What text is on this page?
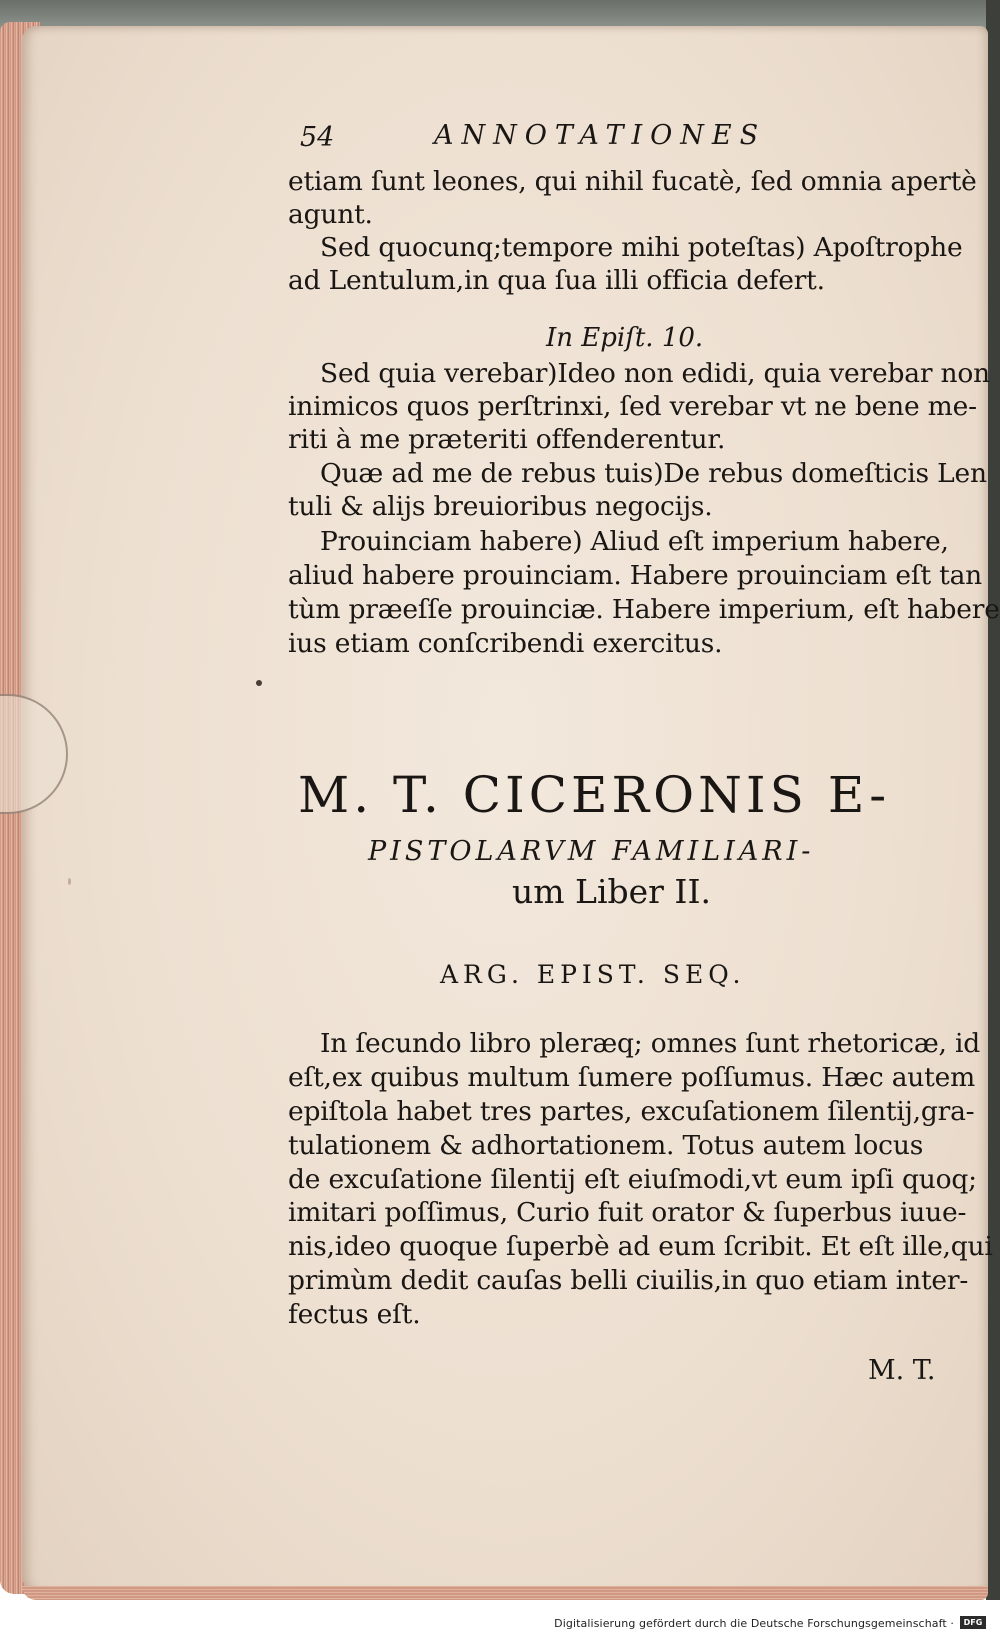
54	ANNOTATIONES
etiam ſunt leones, qui nihil fucatè, ſed omnia apertè
agunt.
Sed quocunq;tempore mihi poteſtas) Apoſtrophe
ad Lentulum,in qua ſua illi officia defert.
In Epiſt. 10.
Sed quia verebar)Ideo non edidi, quia verebar non
inimicos quos perſtrinxi, ſed verebar vt ne bene me-
riti à me præteriti offenderentur.
Quæ ad me de rebus tuis)De rebus domeſticis Len
tuli & alijs breuioribus negocijs.
Prouinciam habere) Aliud eſt imperium habere,
aliud habere prouinciam. Habere prouinciam eſt tan
tùm præeſſe prouinciæ. Habere imperium, eſt habere
ius etiam conſcribendi exercitus.
M. T. CICERONIS E-
PISTOLARVM FAMILIARI-
um Liber II.
ARG. EPIST. SEQ.
In ſecundo libro pleræq; omnes ſunt rhetoricæ, id
eſt,ex quibus multum ſumere poſſumus. Hæc autem
epiſtola habet tres partes, excuſationem ſilentij,gra-
tulationem & adhortationem. Totus autem locus
de excuſatione ſilentij eſt eiuſmodi,vt eum ipſi quoq;
imitari poſſimus, Curio fuit orator & ſuperbus iuue-
nis,ideo quoque ſuperbè ad eum ſcribit. Et eſt ille,qui
primùm dedit cauſas belli ciuilis,in quo etiam inter-
fectus eſt.
M. T.
Digitalisierung gefördert durch die Deutsche Forschungsgemeinschaft ·	DFG
